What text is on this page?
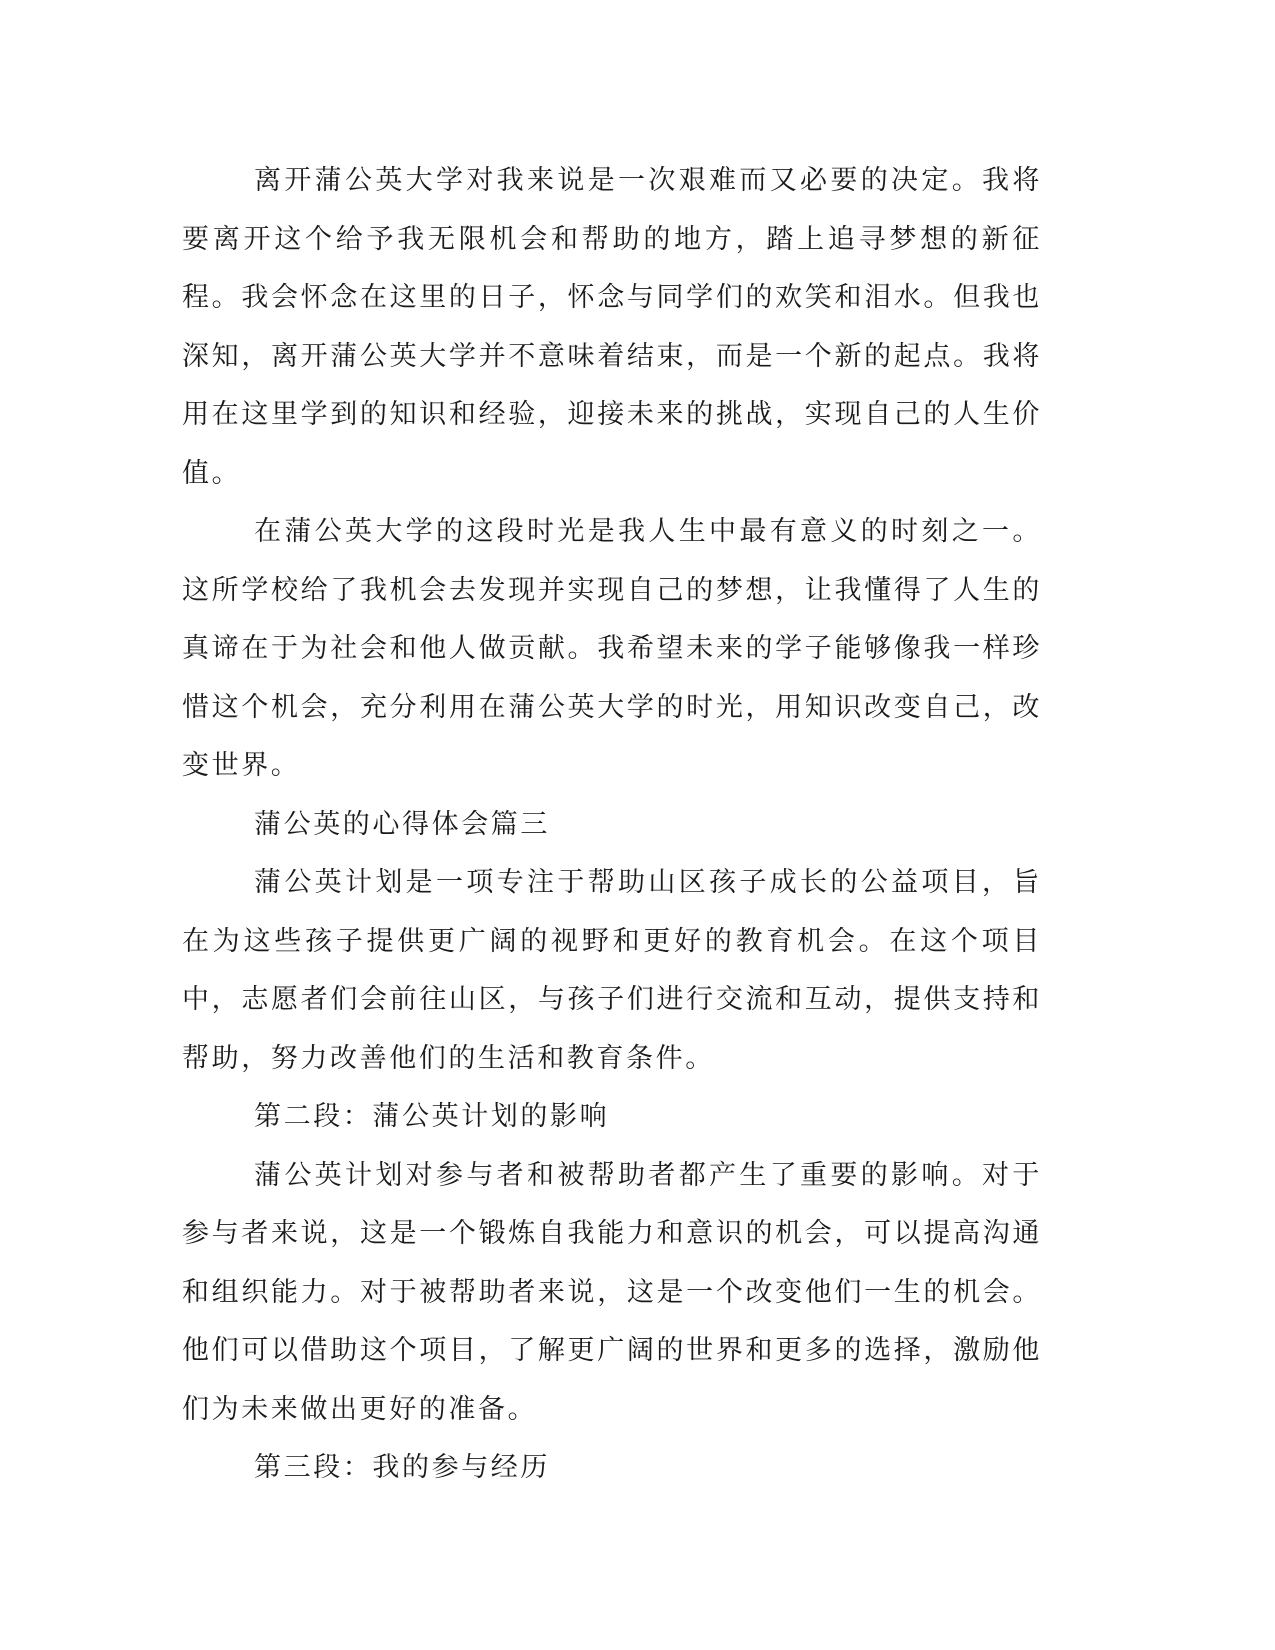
离开蒲公英大学对我来说是一次艰难而又必要的决定。我将要离开这个给予我无限机会和帮助的地方，踏上追寻梦想的新征程。我会怀念在这里的日子，怀念与同学们的欢笑和泪水。但我也深知，离开蒲公英大学并不意味着结束，而是一个新的起点。我将用在这里学到的知识和经验，迎接未来的挑战，实现自己的人生价值。

在蒲公英大学的这段时光是我人生中最有意义的时刻之一。这所学校给了我机会去发现并实现自己的梦想，让我懂得了人生的真谛在于为社会和他人做贡献。我希望未来的学子能够像我一样珍惜这个机会，充分利用在蒲公英大学的时光，用知识改变自己，改变世界。

蒲公英的心得体会篇三

蒲公英计划是一项专注于帮助山区孩子成长的公益项目，旨在为这些孩子提供更广阔的视野和更好的教育机会。在这个项目中，志愿者们会前往山区，与孩子们进行交流和互动，提供支持和帮助，努力改善他们的生活和教育条件。

第二段：蒲公英计划的影响

蒲公英计划对参与者和被帮助者都产生了重要的影响。对于参与者来说，这是一个锻炼自我能力和意识的机会，可以提高沟通和组织能力。对于被帮助者来说，这是一个改变他们一生的机会。他们可以借助这个项目，了解更广阔的世界和更多的选择，激励他们为未来做出更好的准备。

第三段：我的参与经历
